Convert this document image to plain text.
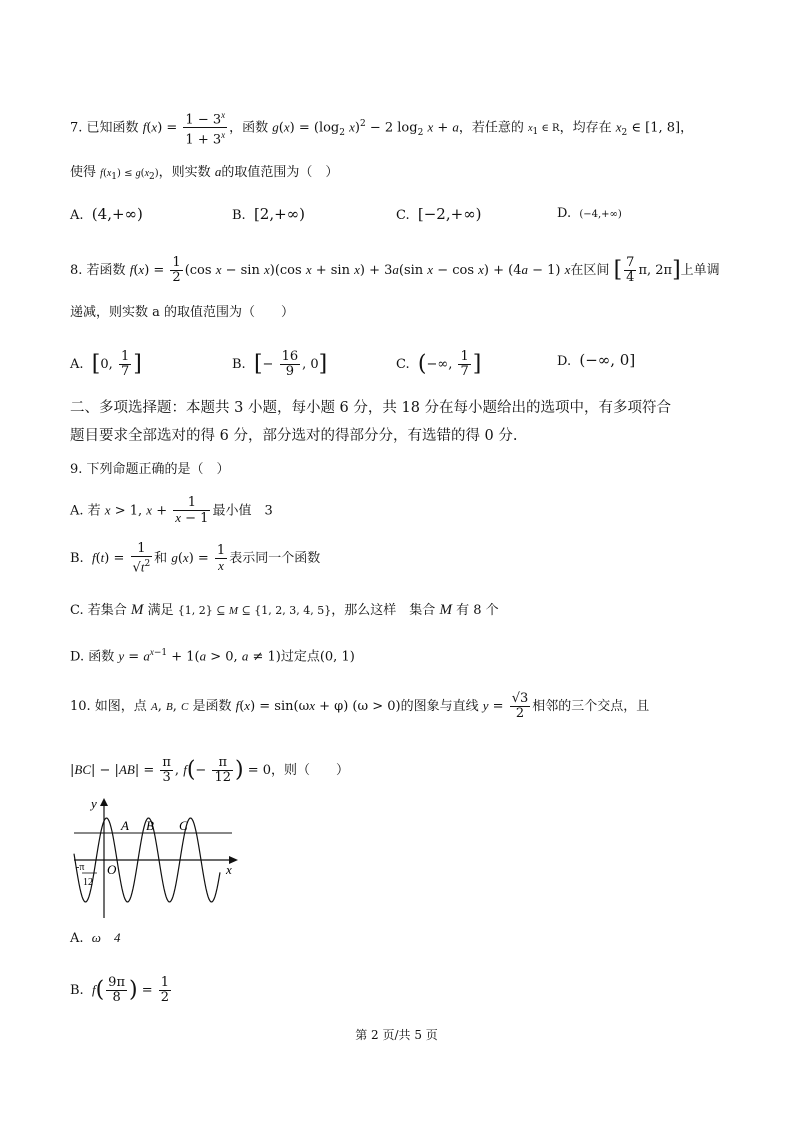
7. 已知函数 $f(x) = \frac{1 - 3^x}{1 + 3^x}$ ，函数 $g(x) = (\log_2$ x)$^2$ − 2 $\log_2 x + a$，若任意的 $x_1$ ∈ R，均存在 $x_2$ ∈ [1, 8]，
使得 $f(x_1) \le g(x_2)$，则实数 a的取值范围为（　）
A. (4,+∞)	B. [2,+∞)	C. [−2,+∞)	D. (−4,+∞)
8. 若函数 $f(x) = \frac{1}{2} (\cos$ x − sin x)(cos x + sin x) + 3a(sin x − cos x) + (4a − 1) x在区间 [ $\frac{7}{4} \pi$, 2π]上单调
递减，则实数 a 的取值范围为（　　）
A. [0, $\frac{1}{7}$ ]	B. [− $\frac{16}{9}$ , 0]	C. (−∞, $\frac{1}{7}$ ]	D. (−∞, 0]
二、多项选择题：本题共 3 小题，每小题 6 分，共 18 分在每小题给出的选项中，有多项符合
题目要求全部选对的得 6 分，部分选对的得部分分，有选错的得 0 分.
9. 下列命题正确的是（　）
A. 若 x > 1, $x + \frac{1}{x - 1}$ 最小值　3
B. $f(t) = \frac{1}{√t^2}$ 和 $g(x) = \frac{1}{x}$ 表示同一个函数
C. 若集合 M 满足 {1, 2} ⊆ M ⊆ {1, 2, 3, 4, 5}，那么这样　集合 M 有 8 个
D. 函数 $y = a^{x-1} + 1(a > 0$, a ≠ 1)过定点(0, 1)
10. 如图，点 A, B, C 是函数 f(x) = sin(ωx + φ) (ω > 0)的图象与直线 $y = \frac{√3}{2}$ 相邻的三个交点，且
$|BC| - |AB| = \frac{\pi}{3}$ , $f(- \frac{\pi}{12}$ ) = 0，则（　　）
y
x
O
A B C
-π
12
A. ω　4
B. $f( \frac{9\pi}{8}$ ) = $\frac{1}{2}$
第 2 页/共 5 页
